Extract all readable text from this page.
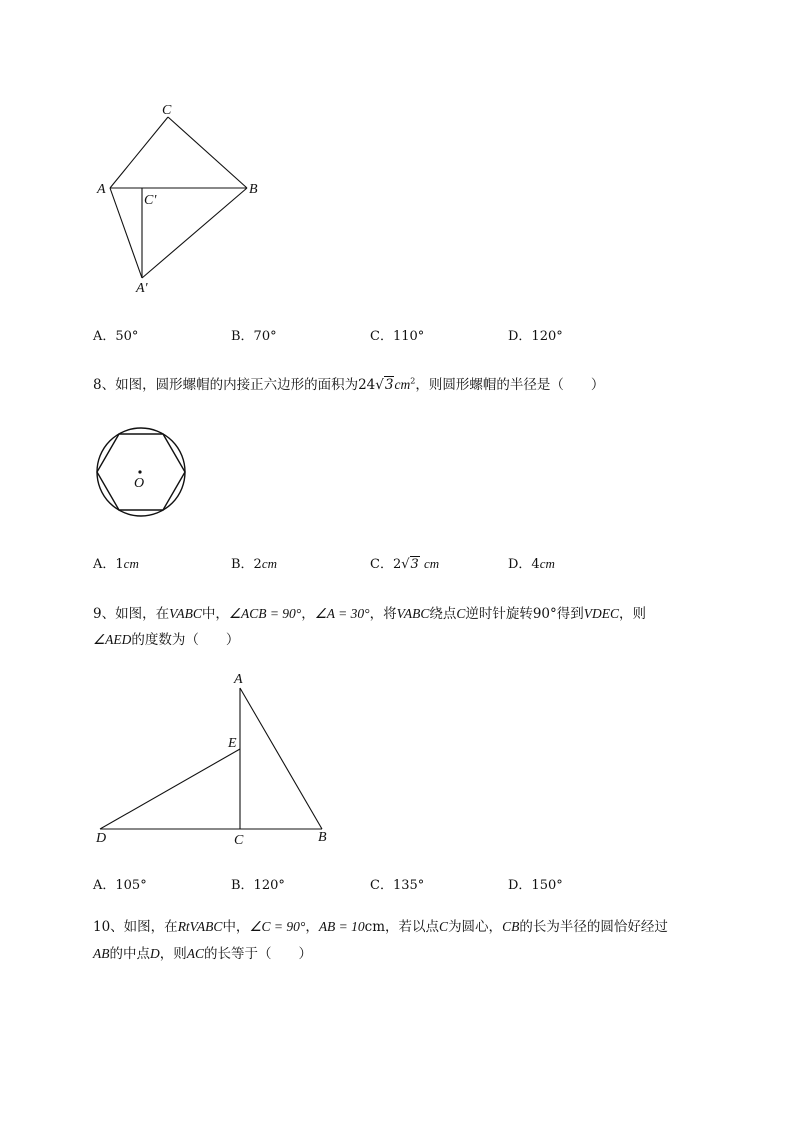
C
A	B
C'
A'
A．50°	B．70°	C．110°	D．120°
8、如图，圆形螺帽的内接正六边形的面积为$24√3cm^2$，则圆形螺帽的半径是（　　）
O
A．1cm	B．2cm	C．2√3 cm	D．4cm
9、如图，在VABC中，∠ACB = 90°，∠A = 30°，将VABC绕点C逆时针旋转90°得到VDEC，则
∠AED的度数为（　　）
A
E
D	C	B
A．105°	B．120°	C．135°	D．150°
10、如图，在RtVABC中，∠C = 90°，AB = 10cm，若以点C为圆心，CB的长为半径的圆恰好经过
AB的中点D，则AC的长等于（　　）
